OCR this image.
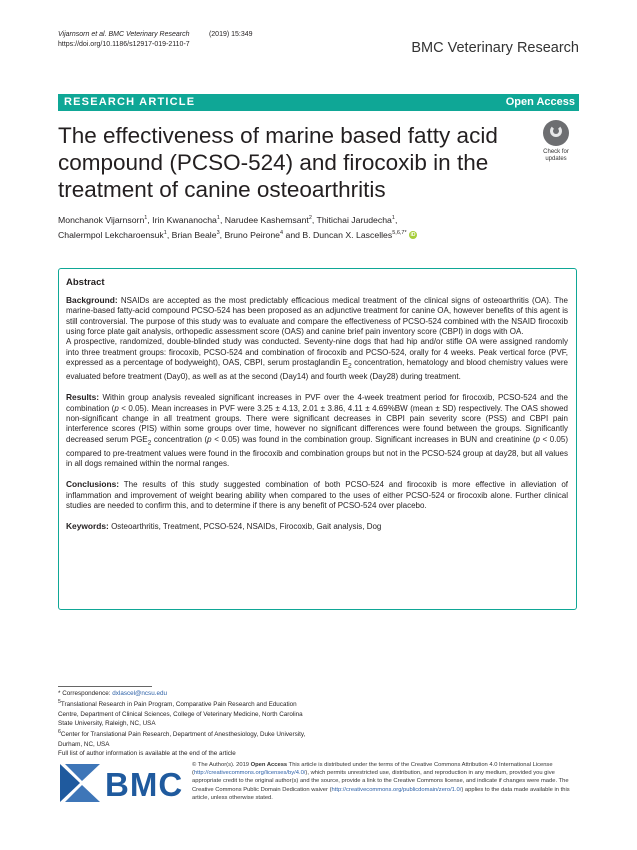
Vijarnsorn et al. BMC Veterinary Research	(2019) 15:349
https://doi.org/10.1186/s12917-019-2110-7	BMC Veterinary Research
RESEARCH ARTICLE	Open Access
The effectiveness of marine based fatty acid compound (PCSO-524) and firocoxib in the treatment of canine osteoarthritis
Check for
updates
Monchanok Vijarnsorn$^1$, Irin Kwananocha$^1$, Narudee Kashemsant$^2$, Thitichai Jarudecha$^1$,
Chalermpol Lekcharoensuk$^1$, Brian Beale$^3$, Bruno Peirone$^4$ and B. Duncan X. Lascelles$^{5,6,7*}$ iD
Abstract

Background: NSAIDs are accepted as the most predictably efficacious medical treatment of the clinical signs of osteoarthritis (OA). The marine-based fatty-acid compound PCSO-524 has been proposed as an adjunctive treatment for canine OA, however benefits of this agent is still controversial. The purpose of this study was to evaluate and compare the effectiveness of PCSO-524 combined with the NSAID firocoxib using force plate gait analysis, orthopedic assessment score (OAS) and canine brief pain inventory score (CBPI) in dogs with OA.

A prospective, randomized, double-blinded study was conducted. Seventy-nine dogs that had hip and/or stifle OA were assigned randomly into three treatment groups: firocoxib, PCSO-524 and combination of firocoxib and PCSO-524, orally for 4 weeks. Peak vertical force (PVF, expressed as a percentage of bodyweight), OAS, CBPI, serum prostaglandin $E_2$ concentration, hematology and blood chemistry values were evaluated before treatment (Day0), as well as at the second (Day14) and fourth week (Day28) during treatment.

Results: Within group analysis revealed significant increases in PVF over the 4-week treatment period for firocoxib, PCSO-524 and the combination (p < 0.05). Mean increases in PVF were 3.25 ± 4.13, 2.01 ± 3.86, 4.11 ± 4.69%BW (mean ± SD) respectively. The OAS showed non-significant change in all treatment groups. There were significant decreases in CBPI pain severity score (PSS) and CBPI pain interference scores (PIS) within some groups over time, however no significant differences were found between the groups. Significantly decreased serum $PGE_2$ concentration (p < 0.05) was found in the combination group. Significant increases in BUN and creatinine (p < 0.05) compared to pre-treatment values were found in the firocoxib and combination groups but not in the PCSO-524 group at day28, but all values in all dogs remained within the normal ranges.

Conclusions: The results of this study suggested combination of both PCSO-524 and firocoxib is more effective in alleviation of inflammation and improvement of weight bearing ability when compared to the uses of either PCSO-524 or firocoxib alone. Further clinical studies are needed to confirm this, and to determine if there is any benefit of PCSO-524 over placebo.

Keywords: Osteoarthritis, Treatment, PCSO-524, NSAIDs, Firocoxib, Gait analysis, Dog

* Correspondence: dxlascel@ncsu.edu
$^5$Translational Research in Pain Program, Comparative Pain Research and Education Centre, Department of Clinical Sciences, College of Veterinary Medicine, North Carolina State University, Raleigh, NC, USA
$^6$Center for Translational Pain Research, Department of Anesthesiology, Duke University, Durham, NC, USA
Full list of author information is available at the end of the article
BMC
© The Author(s). 2019 Open Access This article is distributed under the terms of the Creative Commons Attribution 4.0 International License (http://creativecommons.org/licenses/by/4.0/), which permits unrestricted use, distribution, and reproduction in any medium, provided you give appropriate credit to the original author(s) and the source, provide a link to the Creative Commons license, and indicate if changes were made. The Creative Commons Public Domain Dedication waiver (http://creativecommons.org/publicdomain/zero/1.0/) applies to the data made available in this article, unless otherwise stated.
